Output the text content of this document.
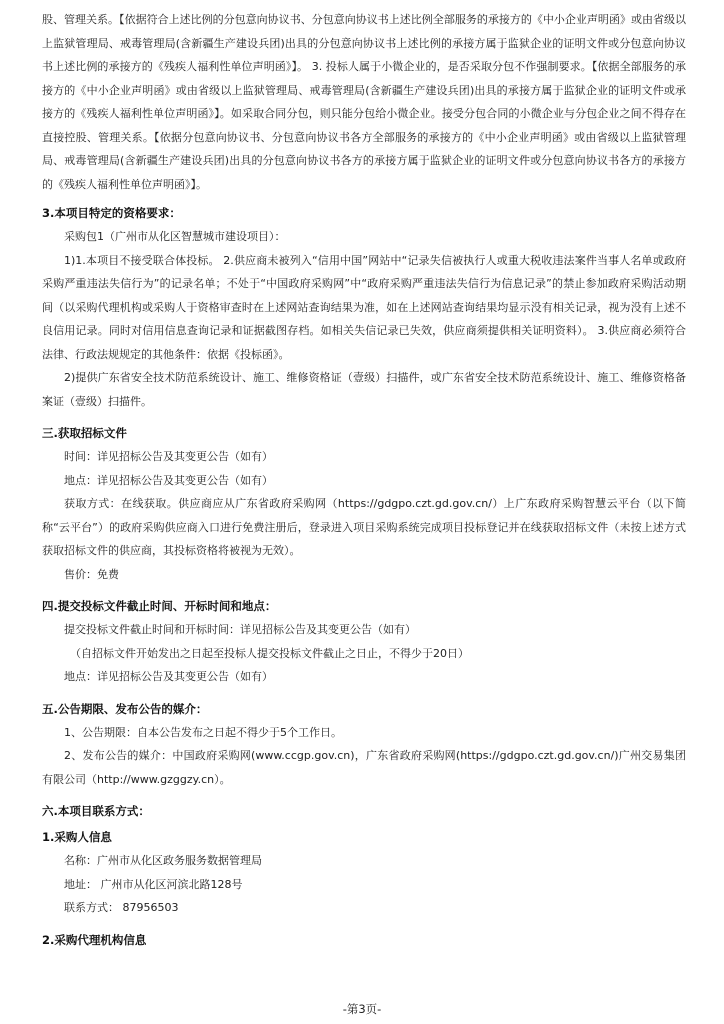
股、管理关系。【依据符合上述比例的分包意向协议书、分包意向协议书上述比例全部服务的承接方的《中小企业声明函》或由省级以上监狱管理局、戒毒管理局(含新疆生产建设兵团)出具的分包意向协议书上述比例的承接方属于监狱企业的证明文件或分包意向协议书上述比例的承接方的《残疾人福利性单位声明函》】。 3. 投标人属于小微企业的，是否采取分包不作强制要求。【依据全部服务的承接方的《中小企业声明函》或由省级以上监狱管理局、戒毒管理局(含新疆生产建设兵团)出具的承接方属于监狱企业的证明文件或承接方的《残疾人福利性单位声明函》】。如采取合同分包，则只能分包给小微企业。接受分包合同的小微企业与分包企业之间不得存在直接控股、管理关系。【依据分包意向协议书、分包意向协议书各方全部服务的承接方的《中小企业声明函》或由省级以上监狱管理局、戒毒管理局(含新疆生产建设兵团)出具的分包意向协议书各方的承接方属于监狱企业的证明文件或分包意向协议书各方的承接方的《残疾人福利性单位声明函》】。

3.本项目特定的资格要求：

采购包1（广州市从化区智慧城市建设项目）：

1)1.本项目不接受联合体投标。 2.供应商未被列入“信用中国”网站中“记录失信被执行人或重大税收违法案件当事人名单或政府采购严重违法失信行为”的记录名单；不处于“中国政府采购网”中“政府采购严重违法失信行为信息记录”的禁止参加政府采购活动期间（以采购代理机构或采购人于资格审查时在上述网站查询结果为准，如在上述网站查询结果均显示没有相关记录，视为没有上述不良信用记录。同时对信用信息查询记录和证据截图存档。如相关失信记录已失效，供应商须提供相关证明资料）。 3.供应商必须符合法律、行政法规规定的其他条件：依据《投标函》。

2)提供广东省安全技术防范系统设计、施工、维修资格证（壹级）扫描件，或广东省安全技术防范系统设计、施工、维修资格备案证（壹级）扫描件。

三.获取招标文件

时间：详见招标公告及其变更公告（如有）

地点：详见招标公告及其变更公告（如有）

获取方式：在线获取。供应商应从广东省政府采购网（https://gdgpo.czt.gd.gov.cn/）上广东政府采购智慧云平台（以下简称“云平台”）的政府采购供应商入口进行免费注册后，登录进入项目采购系统完成项目投标登记并在线获取招标文件（未按上述方式获取招标文件的供应商，其投标资格将被视为无效）。

售价：免费

四.提交投标文件截止时间、开标时间和地点：

提交投标文件截止时间和开标时间：详见招标公告及其变更公告（如有）

（自招标文件开始发出之日起至投标人提交投标文件截止之日止，不得少于20日）

地点：详见招标公告及其变更公告（如有）

五.公告期限、发布公告的媒介：

1、公告期限：自本公告发布之日起不得少于5个工作日。

2、发布公告的媒介：中国政府采购网(www.ccgp.gov.cn)，广东省政府采购网(https://gdgpo.czt.gd.gov.cn/)广州交易集团有限公司（http://www.gzggzy.cn）。

六.本项目联系方式：
1.采购人信息

名称：广州市从化区政务服务数据管理局

地址： 广州市从化区河滨北路128号

联系方式： 87956503

2.采购代理机构信息
-第3页-
